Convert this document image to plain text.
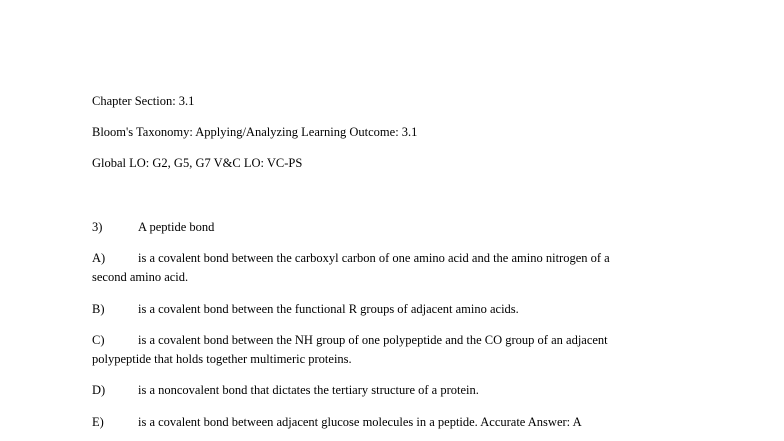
Chapter Section: 3.1
Bloom's Taxonomy: Applying/Analyzing Learning Outcome: 3.1
Global LO: G2, G5, G7 V&C LO: VC-PS
3)	A peptide bond
A)	is a covalent bond between the carboxyl carbon of one amino acid and the amino nitrogen of a
second amino acid.
B)	is a covalent bond between the functional R groups of adjacent amino acids.
C)	is a covalent bond between the NH group of one polypeptide and the CO group of an adjacent
polypeptide that holds together multimeric proteins.
D)	is a noncovalent bond that dictates the tertiary structure of a protein.
E)	is a covalent bond between adjacent glucose molecules in a peptide. Accurate Answer: A
